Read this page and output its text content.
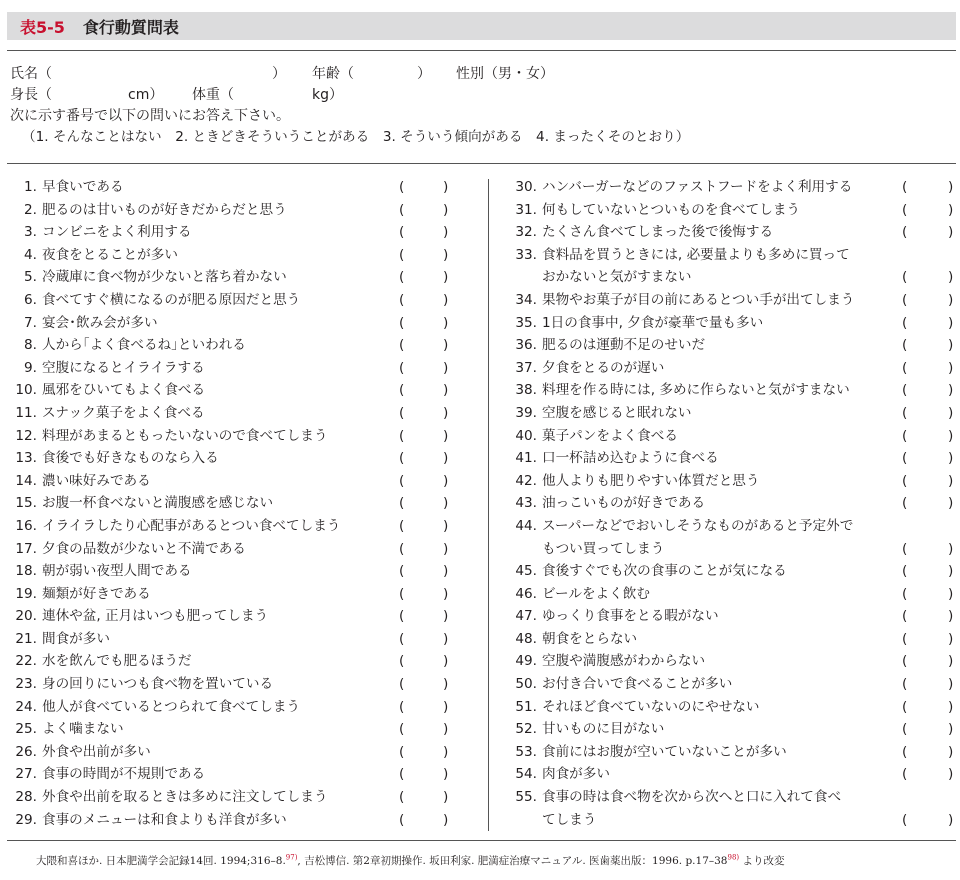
表5-5 食行動質問表
氏名（	） 年齢（	） 性別（男・女）
身長（	cm） 体重（	kg）
次に示す番号で以下の問いにお答え下さい。
（1. そんなことはない　2. ときどきそういうことがある　3. そういう傾向がある　4. まったくそのとおり）
1. 早食いである	(	)
2. 肥るのは甘いものが好きだからだと思う	(	)
3. コンビニをよく利用する	(	)
4. 夜食をとることが多い	(	)
5. 冷蔵庫に食べ物が少ないと落ち着かない	(	)
6. 食べてすぐ横になるのが肥る原因だと思う	(	)
7. 宴会･飲み会が多い	(	)
8. 人から｢よく食べるね｣といわれる	(	)
9. 空腹になるとイライラする	(	)
10. 風邪をひいてもよく食べる	(	)
11. スナック菓子をよく食べる	(	)
12. 料理があまるともったいないので食べてしまう	(	)
13. 食後でも好きなものなら入る	(	)
14. 濃い味好みである	(	)
15. お腹一杯食べないと満腹感を感じない	(	)
16. イライラしたり心配事があるとつい食べてしまう	(	)
17. 夕食の品数が少ないと不満である	(	)
18. 朝が弱い夜型人間である	(	)
19. 麺類が好きである	(	)
20. 連休や盆, 正月はいつも肥ってしまう	(	)
21. 間食が多い	(	)
22. 水を飲んでも肥るほうだ	(	)
23. 身の回りにいつも食べ物を置いている	(	)
24. 他人が食べているとつられて食べてしまう	(	)
25. よく噛まない	(	)
26. 外食や出前が多い	(	)
27. 食事の時間が不規則である	(	)
28. 外食や出前を取るときは多めに注文してしまう	(	)
29. 食事のメニューは和食よりも洋食が多い	(	)
30. ハンバーガーなどのファストフードをよく利用する	(	)
31. 何もしていないとついものを食べてしまう	(	)
32. たくさん食べてしまった後で後悔する	(	)
33. 食料品を買うときには, 必要量よりも多めに買って
おかないと気がすまない	(	)
34. 果物やお菓子が目の前にあるとつい手が出てしまう	(	)
35. 1日の食事中, 夕食が豪華で量も多い	(	)
36. 肥るのは運動不足のせいだ	(	)
37. 夕食をとるのが遅い	(	)
38. 料理を作る時には, 多めに作らないと気がすまない	(	)
39. 空腹を感じると眠れない	(	)
40. 菓子パンをよく食べる	(	)
41. 口一杯詰め込むように食べる	(	)
42. 他人よりも肥りやすい体質だと思う	(	)
43. 油っこいものが好きである	(	)
44. スーパーなどでおいしそうなものがあると予定外で
もつい買ってしまう	(	)
45. 食後すぐでも次の食事のことが気になる	(	)
46. ビールをよく飲む	(	)
47. ゆっくり食事をとる暇がない	(	)
48. 朝食をとらない	(	)
49. 空腹や満腹感がわからない	(	)
50. お付き合いで食べることが多い	(	)
51. それほど食べていないのにやせない	(	)
52. 甘いものに目がない	(	)
53. 食前にはお腹が空いていないことが多い	(	)
54. 肉食が多い	(	)
55. 食事の時は食べ物を次から次へと口に入れて食べ
てしまう	(	)
大隈和喜ほか. 日本肥満学会記録14回. 1994;316–8.$^{97)}$, 吉松博信. 第2章初期操作. 坂田利家. 肥満症治療マニュアル. 医歯薬出版：1996. p.17–38$^{98)}$ より改変
